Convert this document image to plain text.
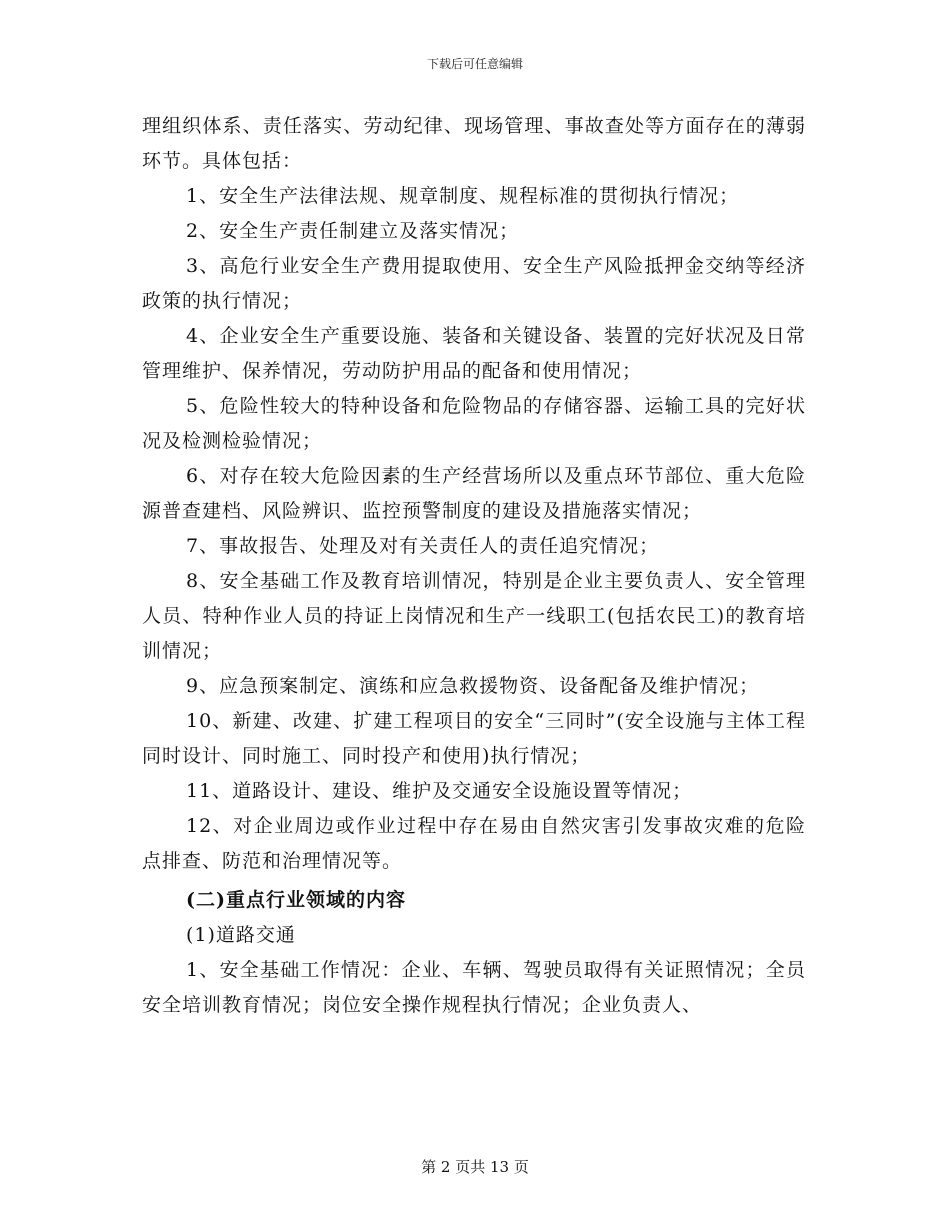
下载后可任意编辑

理组织体系、责任落实、劳动纪律、现场管理、事故查处等方面存在的薄弱环节。具体包括：

1、安全生产法律法规、规章制度、规程标准的贯彻执行情况；

2、安全生产责任制建立及落实情况；

3、高危行业安全生产费用提取使用、安全生产风险抵押金交纳等经济政策的执行情况；

4、企业安全生产重要设施、装备和关键设备、装置的完好状况及日常管理维护、保养情况，劳动防护用品的配备和使用情况；

5、危险性较大的特种设备和危险物品的存储容器、运输工具的完好状况及检测检验情况；

6、对存在较大危险因素的生产经营场所以及重点环节部位、重大危险源普查建档、风险辨识、监控预警制度的建设及措施落实情况；

7、事故报告、处理及对有关责任人的责任追究情况；

8、安全基础工作及教育培训情况，特别是企业主要负责人、安全管理人员、特种作业人员的持证上岗情况和生产一线职工(包括农民工)的教育培训情况；

9、应急预案制定、演练和应急救援物资、设备配备及维护情况；

10、新建、改建、扩建工程项目的安全“三同时”(安全设施与主体工程同时设计、同时施工、同时投产和使用)执行情况；

11、道路设计、建设、维护及交通安全设施设置等情况；

12、对企业周边或作业过程中存在易由自然灾害引发事故灾难的危险点排查、防范和治理情况等。

(二)重点行业领域的内容

(1)道路交通

1、安全基础工作情况：企业、车辆、驾驶员取得有关证照情况；全员安全培训教育情况；岗位安全操作规程执行情况；企业负责人、

第 2 页共 13 页
